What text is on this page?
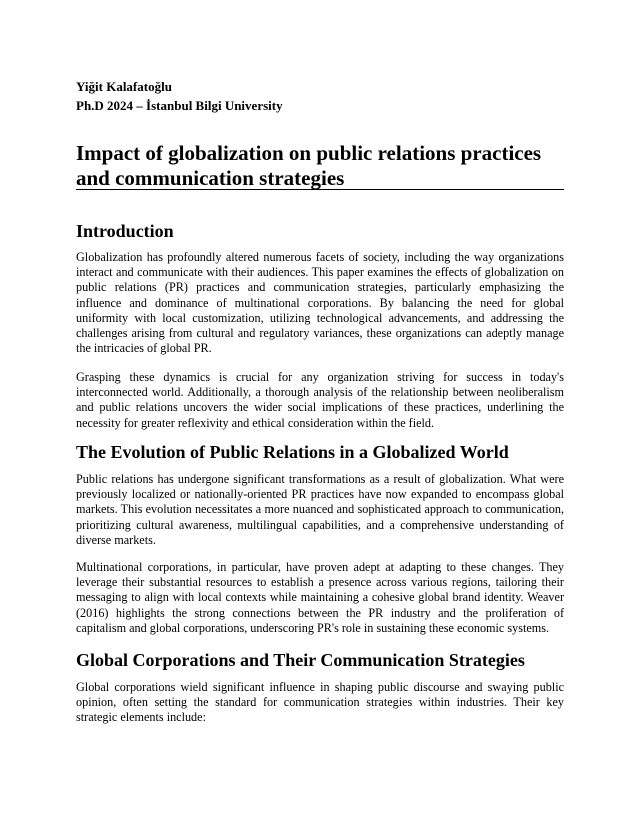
Yiğit Kalafatoğlu
Ph.D 2024 – İstanbul Bilgi University
Impact of globalization on public relations practices and communication strategies
Introduction

Globalization has profoundly altered numerous facets of society, including the way organizations interact and communicate with their audiences. This paper examines the effects of globalization on public relations (PR) practices and communication strategies, particularly emphasizing the influence and dominance of multinational corporations. By balancing the need for global uniformity with local customization, utilizing technological advancements, and addressing the challenges arising from cultural and regulatory variances, these organizations can adeptly manage the intricacies of global PR.

Grasping these dynamics is crucial for any organization striving for success in today's interconnected world. Additionally, a thorough analysis of the relationship between neoliberalism and public relations uncovers the wider social implications of these practices, underlining the necessity for greater reflexivity and ethical consideration within the field.

The Evolution of Public Relations in a Globalized World

Public relations has undergone significant transformations as a result of globalization. What were previously localized or nationally-oriented PR practices have now expanded to encompass global markets. This evolution necessitates a more nuanced and sophisticated approach to communication, prioritizing cultural awareness, multilingual capabilities, and a comprehensive understanding of diverse markets.

Multinational corporations, in particular, have proven adept at adapting to these changes. They leverage their substantial resources to establish a presence across various regions, tailoring their messaging to align with local contexts while maintaining a cohesive global brand identity. Weaver (2016) highlights the strong connections between the PR industry and the proliferation of capitalism and global corporations, underscoring PR's role in sustaining these economic systems.

Global Corporations and Their Communication Strategies

Global corporations wield significant influence in shaping public discourse and swaying public opinion, often setting the standard for communication strategies within industries. Their key strategic elements include:
